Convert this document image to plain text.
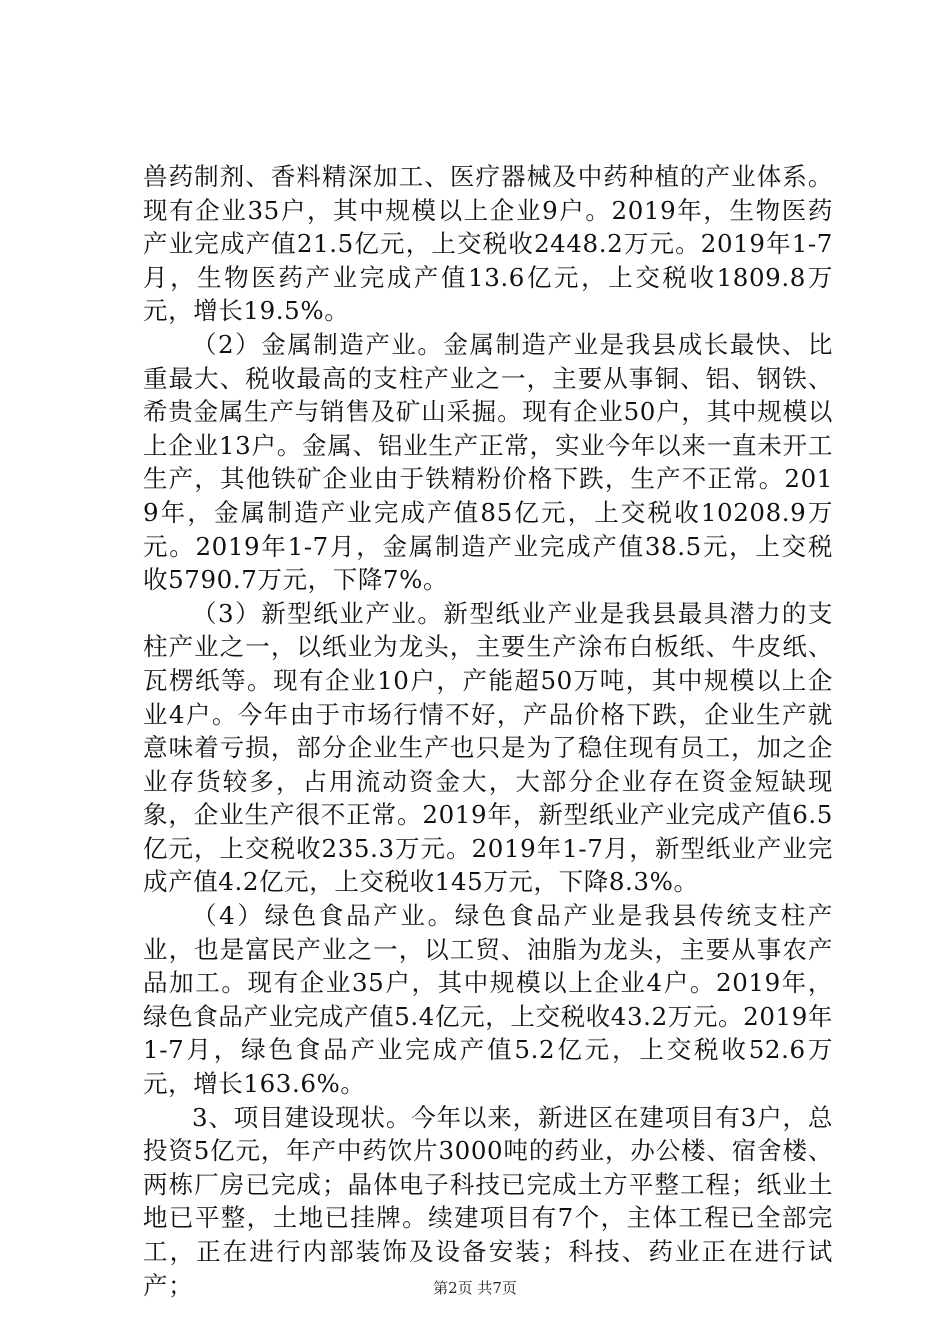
兽药制剂、香料精深加工、医疗器械及中药种植的产业体系。现有企业35户，其中规模以上企业9户。2019年，生物医药产业完成产值21.5亿元，上交税收2448.2万元。2019年1-7月，生物医药产业完成产值13.6亿元，上交税收1809.8万元，增长19.5%。

（2）金属制造产业。金属制造产业是我县成长最快、比重最大、税收最高的支柱产业之一，主要从事铜、铝、钢铁、希贵金属生产与销售及矿山采掘。现有企业50户，其中规模以上企业13户。金属、铝业生产正常，实业今年以来一直未开工生产，其他铁矿企业由于铁精粉价格下跌，生产不正常。2019年，金属制造产业完成产值85亿元，上交税收10208.9万元。2019年1-7月，金属制造产业完成产值38.5元，上交税收5790.7万元，下降7%。

（3）新型纸业产业。新型纸业产业是我县最具潜力的支柱产业之一，以纸业为龙头，主要生产涂布白板纸、牛皮纸、瓦楞纸等。现有企业10户，产能超50万吨，其中规模以上企业4户。今年由于市场行情不好，产品价格下跌，企业生产就意味着亏损，部分企业生产也只是为了稳住现有员工，加之企业存货较多，占用流动资金大，大部分企业存在资金短缺现象，企业生产很不正常。2019年，新型纸业产业完成产值6.5亿元，上交税收235.3万元。2019年1-7月，新型纸业产业完成产值4.2亿元，上交税收145万元，下降8.3%。

（4）绿色食品产业。绿色食品产业是我县传统支柱产业，也是富民产业之一，以工贸、油脂为龙头，主要从事农产品加工。现有企业35户，其中规模以上企业4户。2019年，绿色食品产业完成产值5.4亿元，上交税收43.2万元。2019年1-7月，绿色食品产业完成产值5.2亿元，上交税收52.6万元，增长163.6%。

3、项目建设现状。今年以来，新进区在建项目有3户，总投资5亿元，年产中药饮片3000吨的药业，办公楼、宿舍楼、两栋厂房已完成；晶体电子科技已完成土方平整工程；纸业土地已平整，土地已挂牌。续建项目有7个，主体工程已全部完工，正在进行内部装饰及设备安装；科技、药业正在进行试产；	第2页 共7页
